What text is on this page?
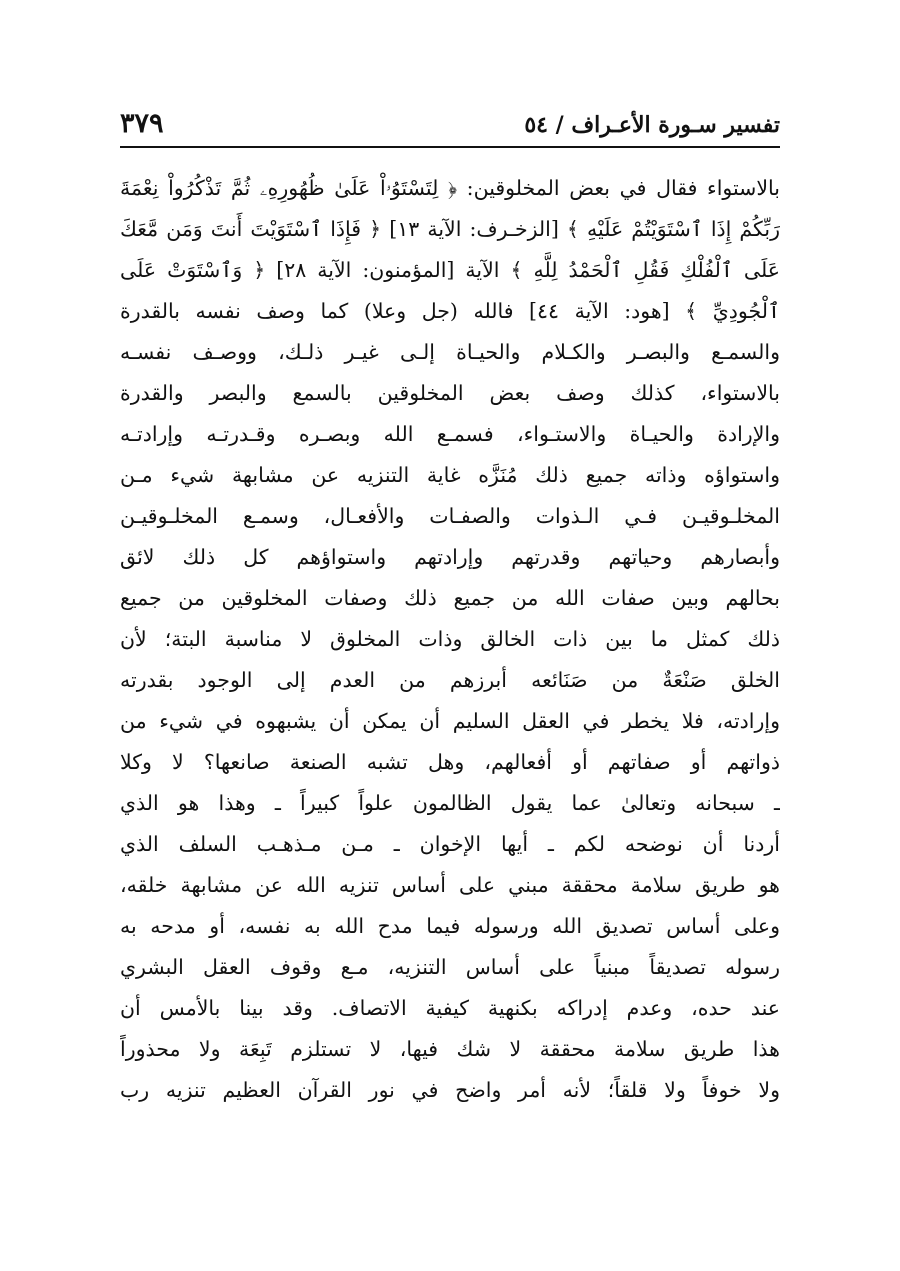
تفسير سـورة الأعـراف / ٥٤
٣٧٩
بالاستواء فقال في بعض المخلوقين: ﴿ لِتَسْتَوُۥاْ عَلَىٰ ظُهُورِهِۦ ثُمَّ تَذْكُرُواْ نِعْمَةَ
رَبِّكُمْ إِذَا ٱسْتَوَيْتُمْ عَلَيْهِ ﴾ [الزخـرف: الآية ١٣] ﴿ فَإِذَا ٱسْتَوَيْتَ أَنتَ وَمَن مَّعَكَ
عَلَى ٱلْفُلْكِ فَقُلِ ٱلْحَمْدُ لِلَّهِ ﴾ الآية [المؤمنون: الآية ٢٨] ﴿ وَٱسْتَوَتْ عَلَى
ٱلْجُودِيِّ ﴾ [هود: الآية ٤٤] فالله (جل وعلا) كما وصف نفسه بالقدرة
والسمـع والبصـر والكـلام والحيـاة إلـى غيـر ذلـك، ووصـف نفسـه
بالاستواء، كذلك وصف بعض المخلوقين بالسمع والبصر والقدرة
والإرادة والحيـاة والاستـواء، فسمـع الله وبصـره وقـدرتـه وإرادتـه
واستواؤه وذاته جميع ذلك مُنَزَّه غاية التنزيه عن مشابهة شيء مـن
المخلـوقيـن فـي الـذوات والصفـات والأفعـال، وسمـع المخلـوقيـن
وأبصارهم وحياتهم وقدرتهم وإرادتهم واستواؤهم كل ذلك لائق
بحالهم وبين صفات الله من جميع ذلك وصفات المخلوقين من جميع
ذلك كمثل ما بين ذات الخالق وذات المخلوق لا مناسبة البتة؛ لأن
الخلق صَنْعَةٌ من صَنَائعه أبرزهم من العدم إلى الوجود بقدرته
وإرادته، فلا يخطر في العقل السليم أن يمكن أن يشبهوه في شيء من
ذواتهم أو صفاتهم أو أفعالهم، وهل تشبه الصنعة صانعها؟ لا وكلا
ـ سبحانه وتعالىٰ عما يقول الظالمون علواً كبيراً ـ وهذا هو الذي
أردنا أن نوضحه لكم ـ أيها الإخوان ـ مـن مـذهـب السلف الذي
هو طريق سلامة محققة مبني على أساس تنزيه الله عن مشابهة خلقه،
وعلى أساس تصديق الله ورسوله فيما مدح الله به نفسه، أو مدحه به
رسوله تصديقاً مبنياً على أساس التنزيه، مـع وقوف العقل البشري
عند حده، وعدم إدراكه بكنهية كيفية الاتصاف. وقد بينا بالأمس أن
هذا طريق سلامة محققة لا شك فيها، لا تستلزم تَبِعَة ولا محذوراً
ولا خوفاً ولا قلقاً؛ لأنه أمر واضح في نور القرآن العظيم تنزيه رب
